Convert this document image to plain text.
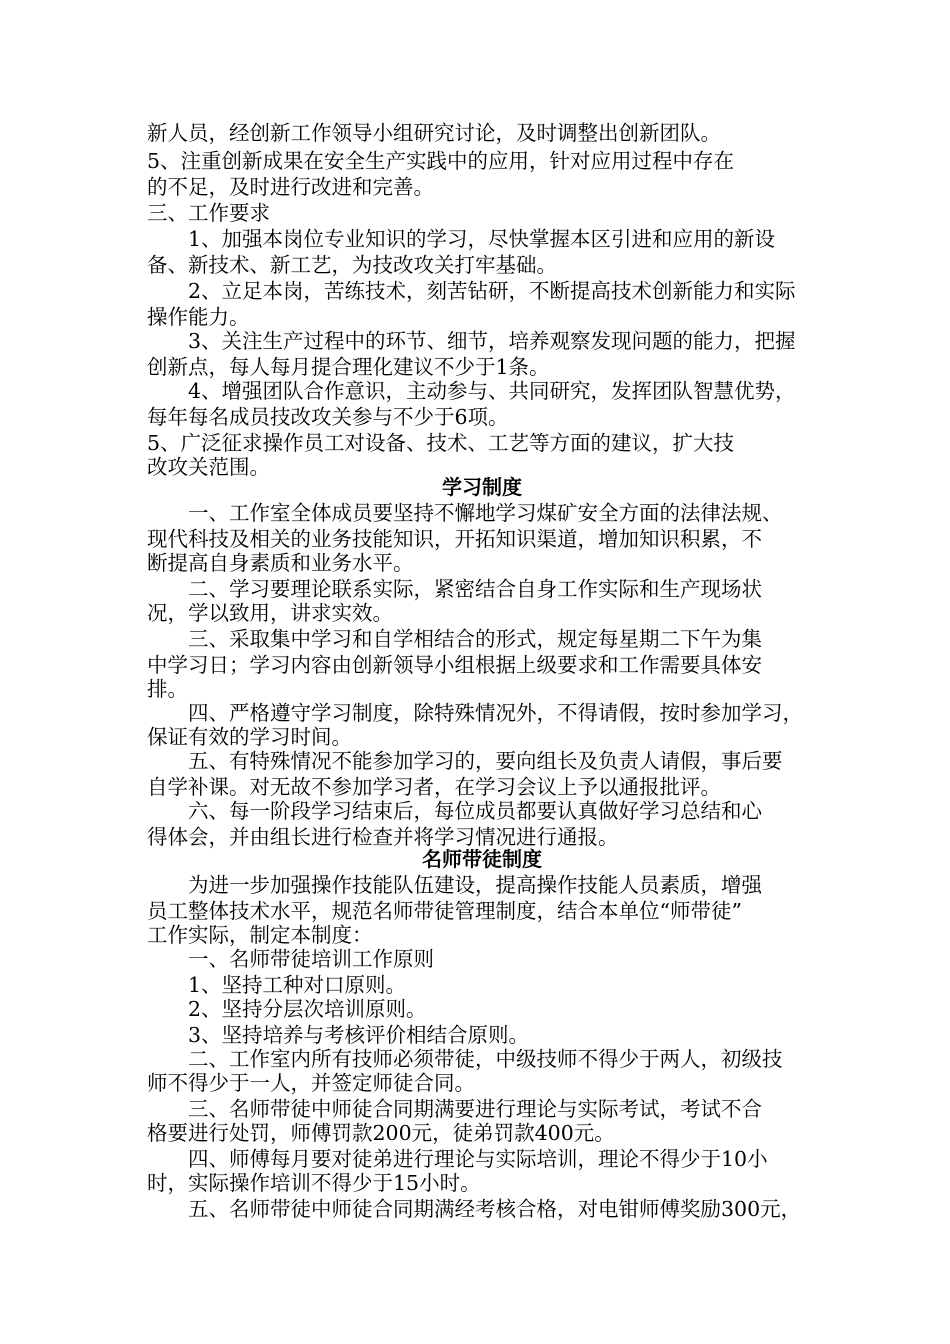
新人员，经创新工作领导小组研究讨论，及时调整出创新团队。
5、注重创新成果在安全生产实践中的应用，针对应用过程中存在
的不足，及时进行改进和完善。
三、工作要求
　　1、加强本岗位专业知识的学习，尽快掌握本区引进和应用的新设
备、新技术、新工艺，为技改攻关打牢基础。
　　2、立足本岗，苦练技术，刻苦钻研，不断提高技术创新能力和实际
操作能力。
　　3、关注生产过程中的环节、细节，培养观察发现问题的能力，把握
创新点，每人每月提合理化建议不少于1条。
　　4、增强团队合作意识，主动参与、共同研究，发挥团队智慧优势，
每年每名成员技改攻关参与不少于6项。
5、广泛征求操作员工对设备、技术、工艺等方面的建议，扩大技
改攻关范围。
学习制度
　　一、工作室全体成员要坚持不懈地学习煤矿安全方面的法律法规、
现代科技及相关的业务技能知识，开拓知识渠道，增加知识积累，不
断提高自身素质和业务水平。
　　二、学习要理论联系实际，紧密结合自身工作实际和生产现场状
况，学以致用，讲求实效。
　　三、采取集中学习和自学相结合的形式，规定每星期二下午为集
中学习日；学习内容由创新领导小组根据上级要求和工作需要具体安
排。
　　四、严格遵守学习制度，除特殊情况外，不得请假，按时参加学习，
保证有效的学习时间。
　　五、有特殊情况不能参加学习的，要向组长及负责人请假，事后要
自学补课。对无故不参加学习者，在学习会议上予以通报批评。
　　六、每一阶段学习结束后，每位成员都要认真做好学习总结和心
得体会，并由组长进行检查并将学习情况进行通报。
名师带徒制度
　　为进一步加强操作技能队伍建设，提高操作技能人员素质，增强
员工整体技术水平，规范名师带徒管理制度，结合本单位“师带徒”
工作实际，制定本制度：
　　一、名师带徒培训工作原则
　　1、坚持工种对口原则。
　　2、坚持分层次培训原则。
　　3、坚持培养与考核评价相结合原则。
　　二、工作室内所有技师必须带徒，中级技师不得少于两人，初级技
师不得少于一人，并签定师徒合同。
　　三、名师带徒中师徒合同期满要进行理论与实际考试，考试不合
格要进行处罚，师傅罚款200元，徒弟罚款400元。
　　四、师傅每月要对徒弟进行理论与实际培训，理论不得少于10小
时，实际操作培训不得少于15小时。
　　五、名师带徒中师徒合同期满经考核合格，对电钳师傅奖励300元，
